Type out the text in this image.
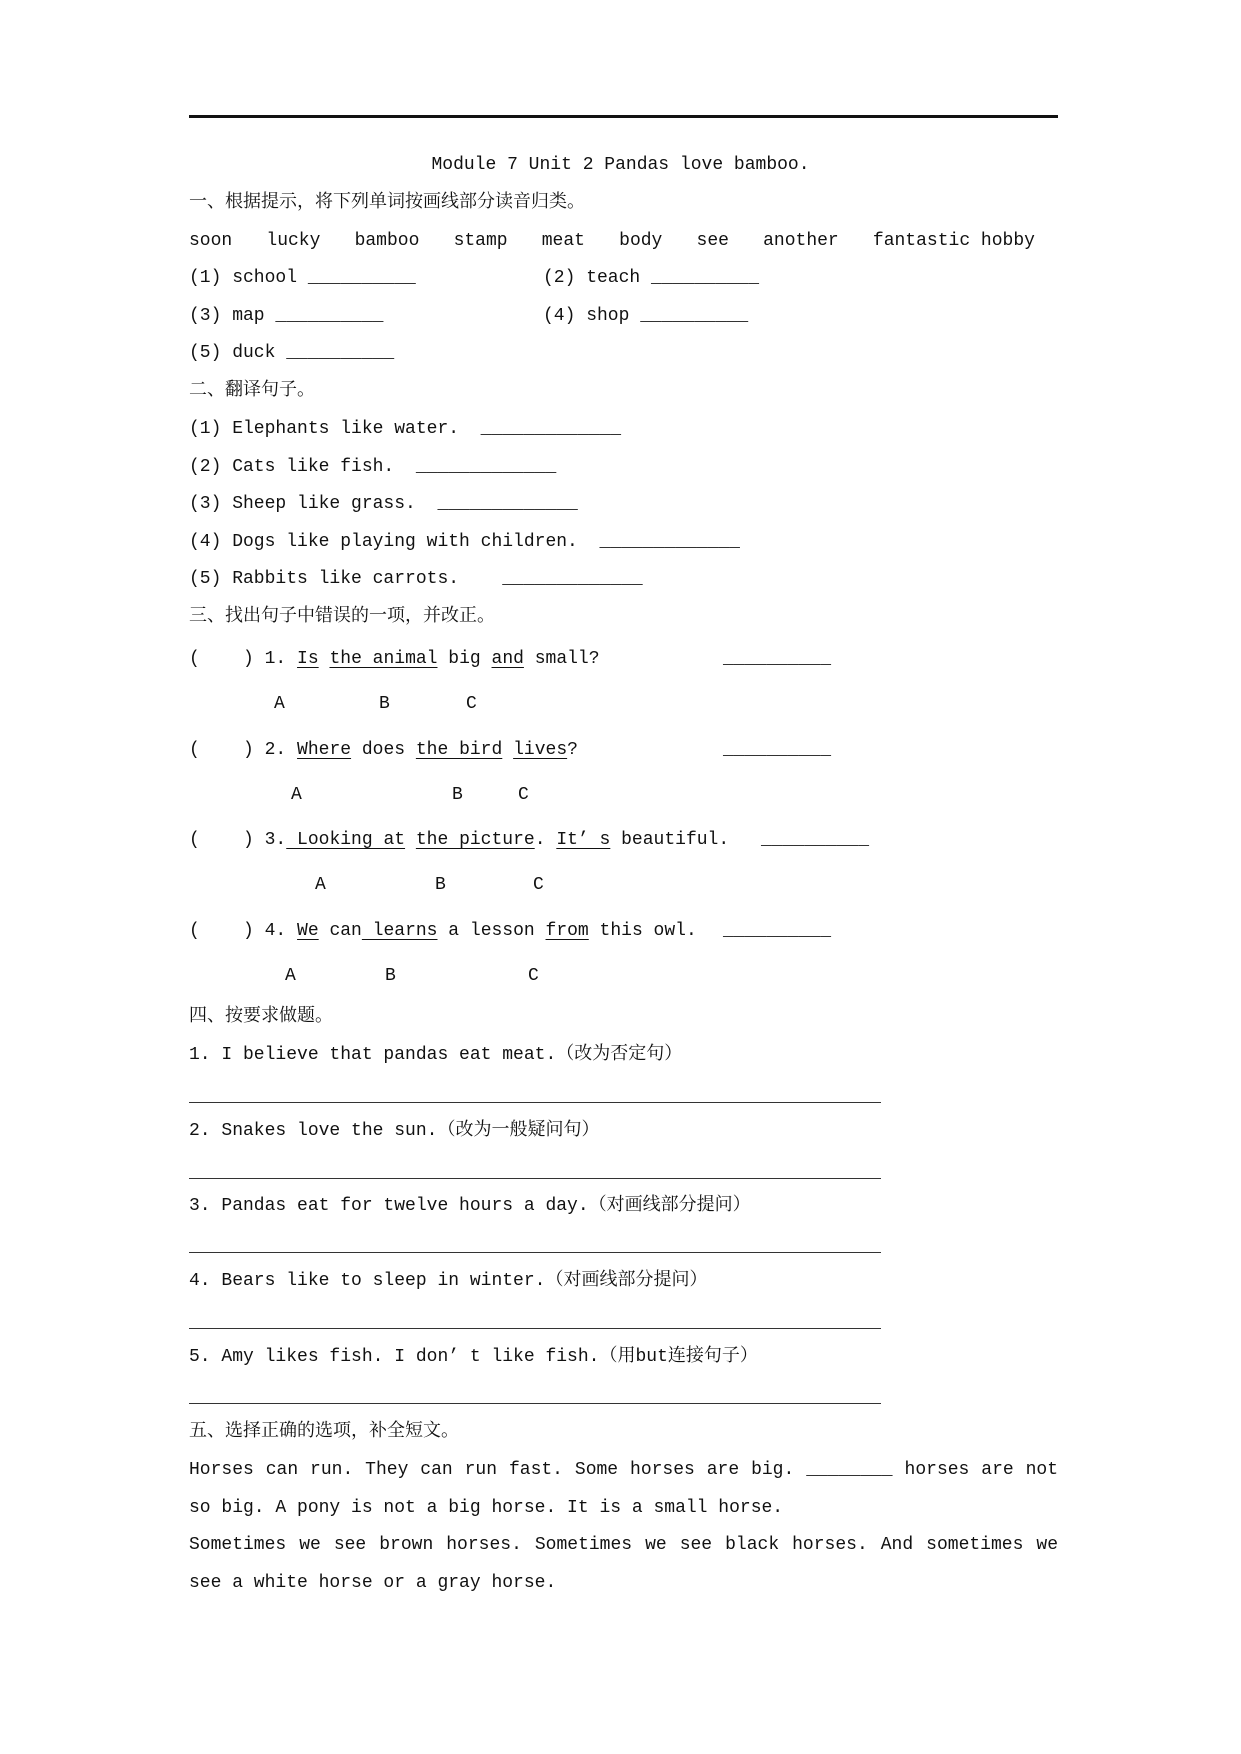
Module 7 Unit 2 Pandas love bamboo.
一、根据提示，将下列单词按画线部分读音归类。
soon lucky bamboo stamp meat body see another fantastic hobby
(1) school __________	(2) teach __________
(3) map __________	(4) shop __________
(5) duck __________
二、翻译句子。
(1) Elephants like water.  _____________
(2) Cats like fish.  _____________
(3) Sheep like grass.  _____________
(4) Dogs like playing with children.  _____________
(5) Rabbits like carrots.    _____________
三、找出句子中错误的一项，并改正。
(    ) 1. Is the animal big and small?	__________
A	B	C
(    ) 2. Where does the bird lives?	__________
A	B	C
(    ) 3. Looking at the picture. It’ s beautiful. __________
A	B	C
(    ) 4. We can learns a lesson from this owl. __________
A	B	C
四、按要求做题。
1. I believe that pandas eat meat.（改为否定句）
2. Snakes love the sun.（改为一般疑问句）
3. Pandas eat for twelve hours a day.（对画线部分提问）
4. Bears like to sleep in winter.（对画线部分提问）
5. Amy likes fish. I don’ t like fish.（用but连接句子）
五、选择正确的选项，补全短文。
Horses can run. They can run fast. Some horses are big. ________ horses are not so big. A pony is not a big horse. It is a small horse.
Sometimes we see brown horses. Sometimes we see black horses. And sometimes we see a white horse or a gray horse.
